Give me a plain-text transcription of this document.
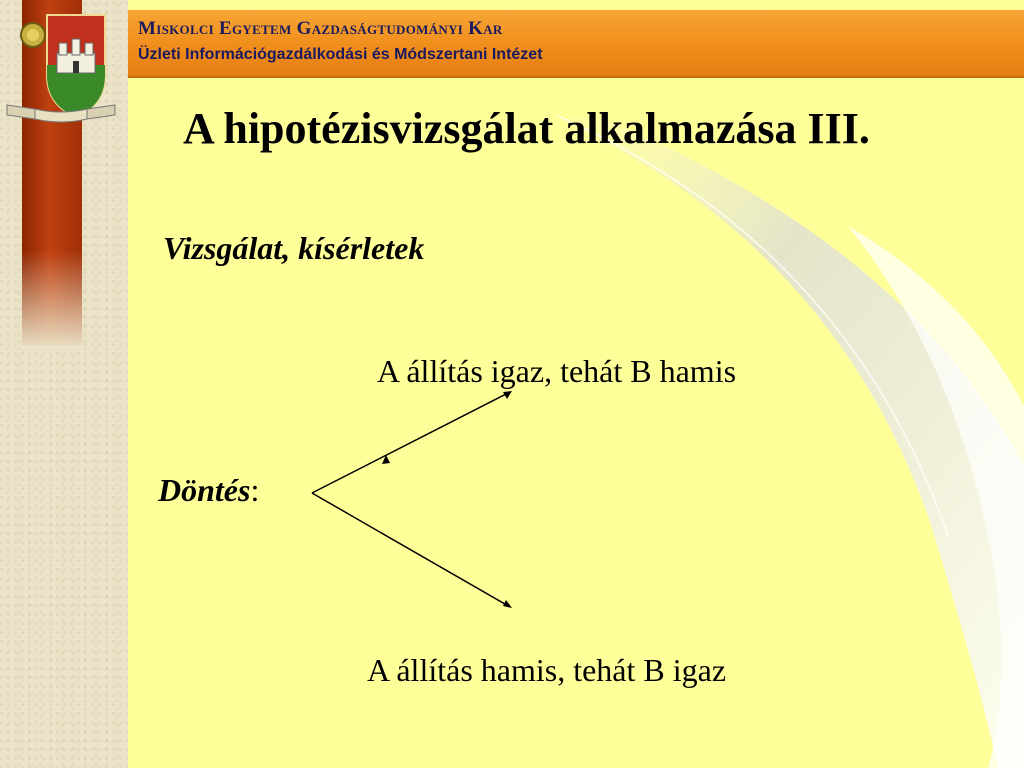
Miskolci Egyetem Gazdaságtudományi Kar
Üzleti Információgazdálkodási és Módszertani Intézet
A hipotézisvizsgálat alkalmazása III.
Vizsgálat, kísérletek
A állítás igaz, tehát B hamis
Döntés:
A állítás hamis, tehát B igaz
